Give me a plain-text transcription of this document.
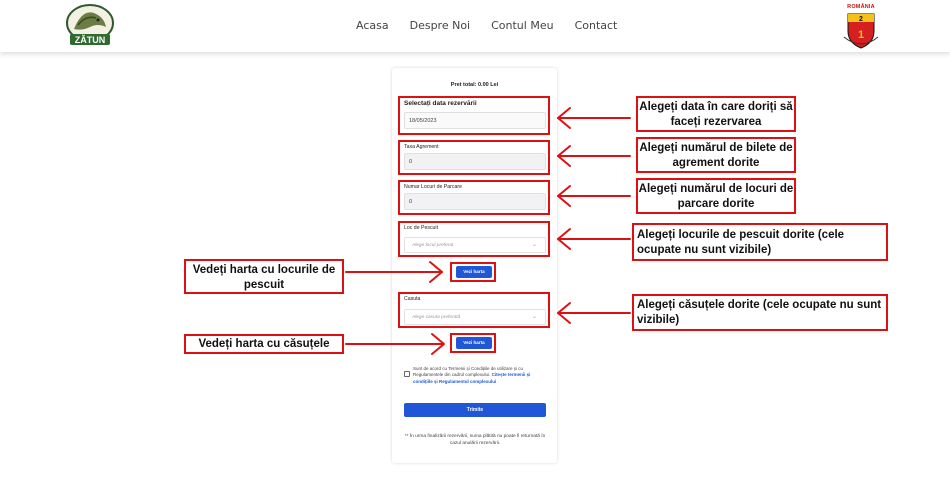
ZĂTUN
Acasa Despre Noi Contul Meu Contact
ROMÂNIA
2
1
Pret total: 0.00 Lei
Selectați data rezervării
18/05/2023
Taxa Agrement
0
Numar Locuri de Parcare
0
Loc de Pescuit
Alege locul preferat	⌄
Vezi harta
Casuta
Alege casuta preferată	⌄
Vezi harta
Sunt de acord cu Termenii și Condițiile de utilizare și cu Regulamentele din cadrul complexului. Citește termenii și condițiile și Regulamentul complexului
Trimite
** În urma finalizării rezervării, suma plătită nu poate fi returnată în cazul anulării rezervării.
Alegeți data în care doriți să faceți rezervarea
Alegeți numărul de bilete de agrement dorite
Alegeți numărul de locuri de parcare dorite
Alegeți locurile de pescuit dorite (cele ocupate nu sunt vizibile)
Alegeți căsuțele dorite (cele ocupate nu sunt vizibile)
Vedeți harta cu locurile de pescuit
Vedeți harta cu căsuțele
